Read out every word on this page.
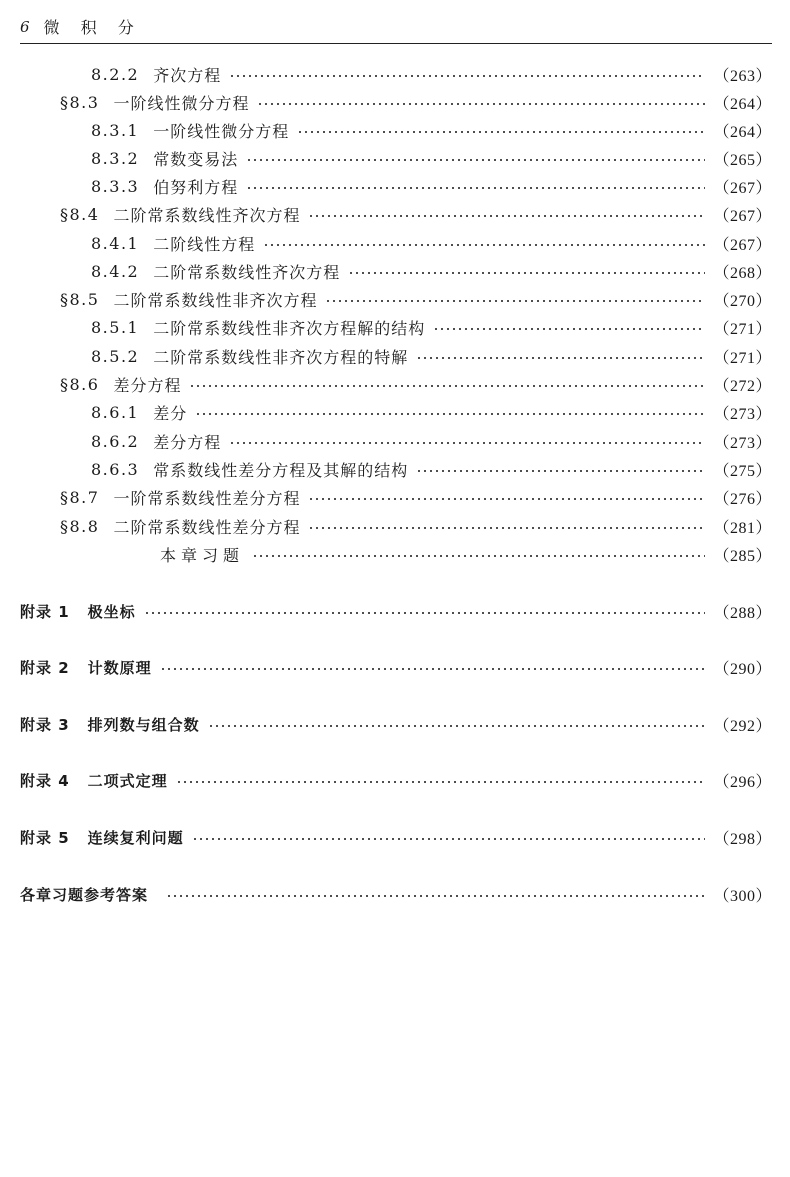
6 微 积 分
8.2.2 齐次方程	（263）
§8.3 一阶线性微分方程	（264）
8.3.1 一阶线性微分方程	（264）
8.3.2 常数变易法	（265）
8.3.3 伯努利方程	（267）
§8.4 二阶常系数线性齐次方程	（267）
8.4.1 二阶线性方程	（267）
8.4.2 二阶常系数线性齐次方程	（268）
§8.5 二阶常系数线性非齐次方程	（270）
8.5.1 二阶常系数线性非齐次方程解的结构	（271）
8.5.2 二阶常系数线性非齐次方程的特解	（271）
§8.6 差分方程	（272）
8.6.1 差分	（273）
8.6.2 差分方程	（273）
8.6.3 常系数线性差分方程及其解的结构	（275）
§8.7 一阶常系数线性差分方程	（276）
§8.8 二阶常系数线性差分方程	（281）
本章习题	（285）
附录 1 极坐标	（288）
附录 2 计数原理	（290）
附录 3 排列数与组合数	（292）
附录 4 二项式定理	（296）
附录 5 连续复利问题	（298）
各章习题参考答案	（300）
